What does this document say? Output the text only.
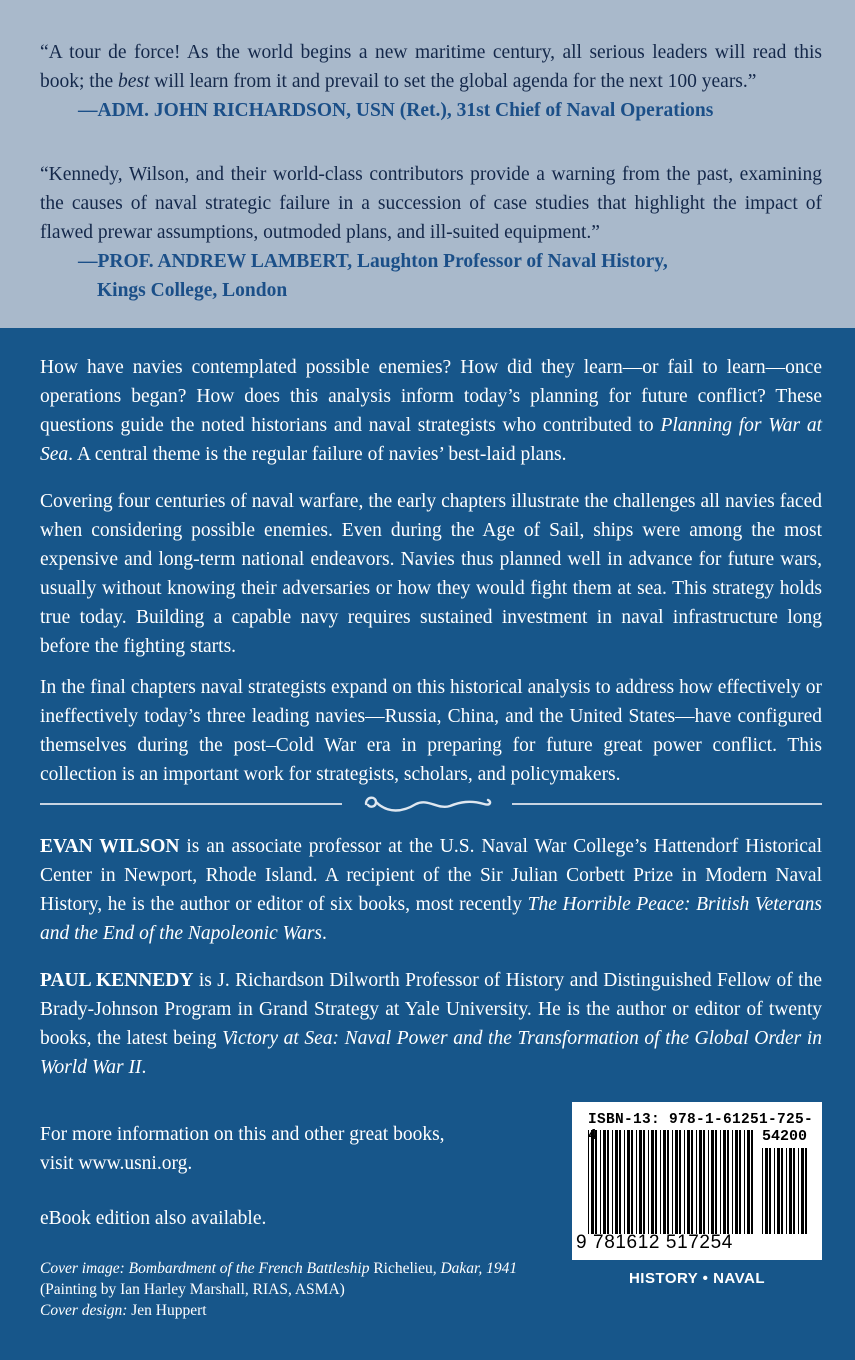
“A tour de force! As the world begins a new maritime century, all serious leaders will read this book; the best will learn from it and prevail to set the global agenda for the next 100 years.”

—ADM. JOHN RICHARDSON, USN (Ret.), 31st Chief of Naval Operations

“Kennedy, Wilson, and their world-class contributors provide a warning from the past, examining the causes of naval strategic failure in a succession of case studies that highlight the impact of flawed prewar assumptions, outmoded plans, and ill-suited equipment.”

—PROF. ANDREW LAMBERT, Laughton Professor of Naval History,
Kings College, London

How have navies contemplated possible enemies? How did they learn—or fail to learn—once operations began? How does this analysis inform today’s planning for future conflict? These questions guide the noted historians and naval strategists who contributed to Planning for War at Sea. A central theme is the regular failure of navies’ best-laid plans.

Covering four centuries of naval warfare, the early chapters illustrate the challenges all navies faced when considering possible enemies. Even during the Age of Sail, ships were among the most expensive and long-term national endeavors. Navies thus planned well in advance for future wars, usually without knowing their adversaries or how they would fight them at sea. This strategy holds true today. Building a capable navy requires sustained investment in naval infrastructure long before the fighting starts.

In the final chapters naval strategists expand on this historical analysis to address how effectively or ineffectively today’s three leading navies—Russia, China, and the United States—have configured themselves during the post–Cold War era in preparing for future great power conflict. This collection is an important work for strategists, scholars, and policymakers.

EVAN WILSON is an associate professor at the U.S. Naval War College’s Hattendorf Historical Center in Newport, Rhode Island. A recipient of the Sir Julian Corbett Prize in Modern Naval History, he is the author or editor of six books, most recently The Horrible Peace: British Veterans and the End of the Napoleonic Wars.

PAUL KENNEDY is J. Richardson Dilworth Professor of History and Distinguished Fellow of the Brady-Johnson Program in Grand Strategy at Yale University. He is the author or editor of twenty books, the latest being Victory at Sea: Naval Power and the Transformation of the Global Order in World War II.

For more information on this and other great books,
visit www.usni.org.
eBook edition also available.
Cover image: Bombardment of the French Battleship Richelieu, Dakar, 1941 (Painting by Ian Harley Marshall, RIAS, ASMA)
Cover design: Jen Huppert
ISBN-13: 978-1-61251-725-
54200
9 781612 517254
HISTORY • NAVAL
